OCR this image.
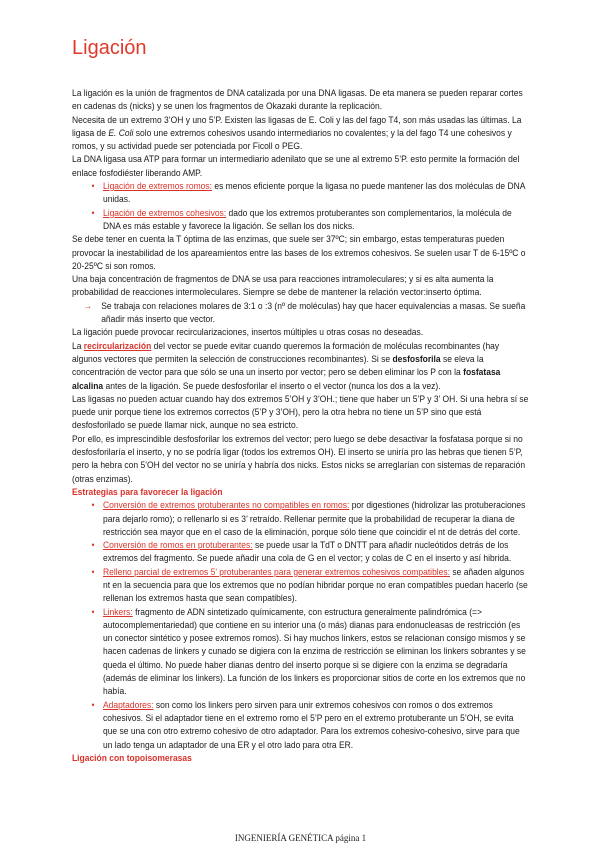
Ligación
La ligación es la unión de fragmentos de DNA catalizada por una DNA ligasas. De eta manera se pueden reparar cortes en cadenas ds (nicks) y se unen los fragmentos de Okazaki durante la replicación.
Necesita de un extremo 3’OH y uno 5’P. Existen las ligasas de E. Coli y las del fago T4, son más usadas las últimas. La ligasa de E. Coli solo une extremos cohesivos usando intermediarios no covalentes; y la del fago T4 une cohesivos y romos, y su actividad puede ser potenciada por Ficoll o PEG.
La DNA ligasa usa ATP para formar un intermediario adenilato que se une al extremo 5’P. esto permite la formación del enlace fosfodiéster liberando AMP.
•
Ligación de extremos romos: es menos eficiente porque la ligasa no puede mantener las dos moléculas de DNA unidas.
•
Ligación de extremos cohesivos: dado que los extremos protuberantes son complementarios, la molécula de DNA es más estable y favorece la ligación. Se sellan los dos nicks.
Se debe tener en cuenta la T óptima de las enzimas, que suele ser 37ºC; sin embargo, estas temperaturas pueden provocar la inestabilidad de los apareamientos entre las bases de los extremos cohesivos. Se suelen usar T de 6-15ºC o 20-25ºC si son romos.
Una baja concentración de fragmentos de DNA se usa para reacciones intramoleculares; y si es alta aumenta la probabilidad de reacciones intermoleculares. Siempre se debe de mantener la relación vector:inserto óptima.
→
Se trabaja con relaciones molares de 3:1 o :3 (nº de moléculas) hay que hacer equivalencias a masas. Se sueña añadir más inserto que vector.
La ligación puede provocar recircularizaciones, insertos múltiples u otras cosas no deseadas.
La recircularización del vector se puede evitar cuando queremos la formación de moléculas recombinantes (hay algunos vectores que permiten la selección de construcciones recombinantes). Si se desfosforila se eleva la concentración de vector para que sólo se una un inserto por vector; pero se deben eliminar los P con la fosfatasa alcalina antes de la ligación. Se puede desfosforilar el inserto o el vector (nunca los dos a la vez).
Las ligasas no pueden actuar cuando hay dos extremos 5’OH y 3’OH.; tiene que haber un 5’P y 3’ OH. Si una hebra sí se puede unir porque tiene los extremos correctos (5’P y 3’OH), pero la otra hebra no tiene un 5’P sino que está desfosforilado se puede llamar nick, aunque no sea estricto.
Por ello, es imprescindible desfosforilar los extremos del vector; pero luego se debe desactivar la fosfatasa porque si no desfosforilaría el inserto, y no se podría ligar (todos los extremos OH). El inserto se uniría pro las hebras que tienen 5’P, pero la hebra con 5’OH del vector no se uniría y habría dos nicks. Estos nicks se arreglarían con sistemas de reparación (otras enzimas).
Estrategias para favorecer la ligación
•
Conversión de extremos protuberantes no compatibles en romos: por digestiones (hidrolizar las protuberaciones para dejarlo romo); o rellenarlo si es 3’ retraído. Rellenar permite que la probabilidad de recuperar la diana de restricción sea mayor que en el caso de la eliminación, porque sólo tiene que coincidir el nt de detrás del corte.
•
Conversión de romos en protuberantes: se puede usar la TdT o DNTT para añadir nucleótidos detrás de los extremos del fragmento. Se puede añadir una cola de G en el vector; y colas de C en el inserto y así hibrida.
•
Relleno parcial de extremos 5’ protuberantes para generar extremos cohesivos compatibles: se añaden algunos nt en la secuencia para que los extremos que no podían hibridar porque no eran compatibles puedan hacerlo (se rellenan los extremos hasta que sean compatibles).
•
Linkers: fragmento de ADN sintetizado químicamente, con estructura generalmente palindrómica (=> autocomplementariedad) que contiene en su interior una (o más) dianas para endonucleasas de restricción (es un conector sintético y posee extremos romos). Si hay muchos linkers, estos se relacionan consigo mismos y se hacen cadenas de linkers y cunado se digiera con la enzima de restricción se eliminan los linkers sobrantes y se queda el último. No puede haber dianas dentro del inserto porque si se digiere con la enzima se degradaría (además de eliminar los linkers). La función de los linkers es proporcionar sitios de corte en los extremos que no había.
•
Adaptadores: son como los linkers pero sirven para unir extremos cohesivos con romos o dos extremos cohesivos. Si el adaptador tiene en el extremo romo el 5’P pero en el extremo protuberante un 5’OH, se evita que se una con otro extremo cohesivo de otro adaptador. Para los extremos cohesivo-cohesivo, sirve para que un lado tenga un adaptador de una ER y el otro lado para otra ER.
Ligación con topoisomerasas
INGENIERÍA GENÉTICA página 1
